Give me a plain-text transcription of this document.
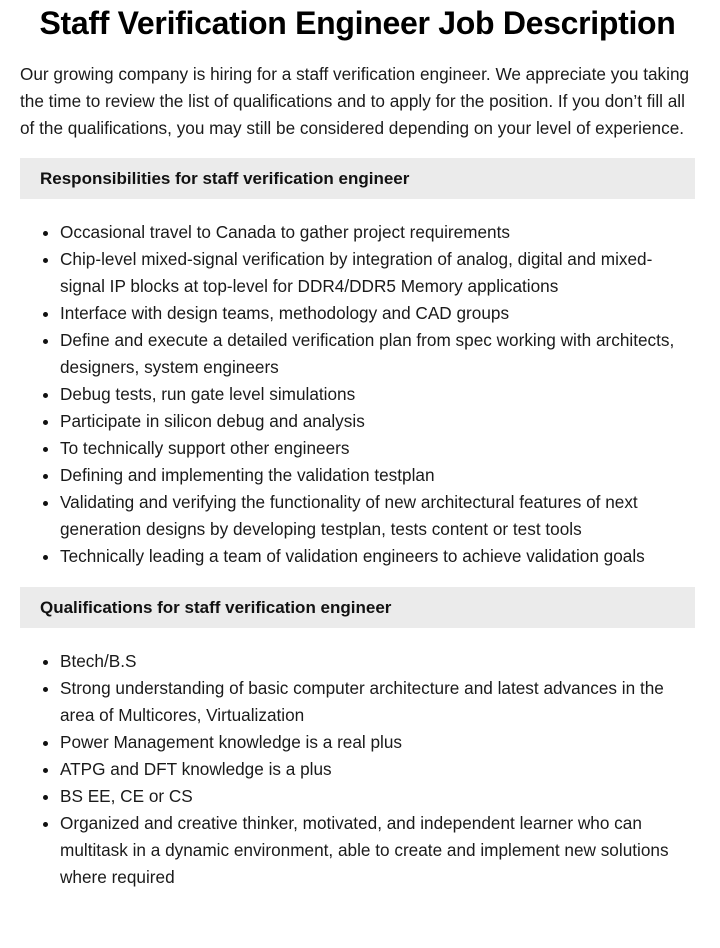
Staff Verification Engineer Job Description

Our growing company is hiring for a staff verification engineer. We appreciate you taking the time to review the list of qualifications and to apply for the position. If you don’t fill all of the qualifications, you may still be considered depending on your level of experience.

Responsibilities for staff verification engineer
Occasional travel to Canada to gather project requirements
Chip-level mixed-signal verification by integration of analog, digital and mixed-signal IP blocks at top-level for DDR4/DDR5 Memory applications
Interface with design teams, methodology and CAD groups
Define and execute a detailed verification plan from spec working with architects, designers, system engineers
Debug tests, run gate level simulations
Participate in silicon debug and analysis
To technically support other engineers
Defining and implementing the validation testplan
Validating and verifying the functionality of new architectural features of next generation designs by developing testplan, tests content or test tools
Technically leading a team of validation engineers to achieve validation goals
Qualifications for staff verification engineer
Btech/B.S
Strong understanding of basic computer architecture and latest advances in the area of Multicores, Virtualization
Power Management knowledge is a real plus
ATPG and DFT knowledge is a plus
BS EE, CE or CS
Organized and creative thinker, motivated, and independent learner who can multitask in a dynamic environment, able to create and implement new solutions where required
